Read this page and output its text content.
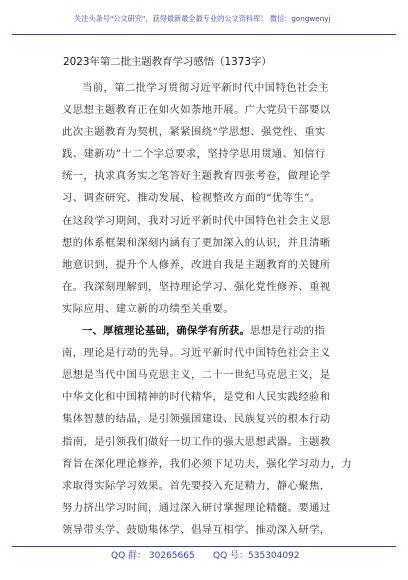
关注头条号"公文研究"，获得最新最全最专业的公文资料库！ 微信：gongwenyj
2023年第二批主题教育学习感悟（1373字）
当前，第二批学习贯彻习近平新时代中国特色社会主
义思想主题教育正在如火如荼地开展。广大党员干部要以
此次主题教育为契机，紧紧围绕“学思想、强党性、重实
践、建新功”十二个字总要求，坚持学思用贯通、知信行
统一，执求真务实之笔答好主题教育四张考卷，做理论学
习、调查研究、推动发展、检视整改方面的“优等生”。
在这段学习期间，我对习近平新时代中国特色社会主义思
想的体系框架和深刻内涵有了更加深入的认识，并且清晰
地意识到，提升个人修养，改进自我是主题教育的关键所
在。我深刻理解到，坚持理论学习、强化党性修养、重视
实际应用、建立新的功绩至关重要。
一、厚植理论基础，确保学有所获。思想是行动的指
南，理论是行动的先导。习近平新时代中国特色社会主义
思想是当代中国马克思主义，二十一世纪马克思主义，是
中华文化和中国精神的时代精华，是党和人民实践经验和
集体智慧的结晶，是引领强国建设、民族复兴的根本行动
指南，是引领我们做好一切工作的强大思想武器。主题教
育旨在深化理论修养，我们必须下足功夫，强化学习动力，力
求取得实际学习效果。首先要投入充足精力，静心聚焦，
努力挤出学习时间，通过深入研讨掌握理论精髓。要通过
领导带头学、鼓励集体学、倡导互相学、推动深入研学，
QQ 群： 30265665 QQ 号：535304092
